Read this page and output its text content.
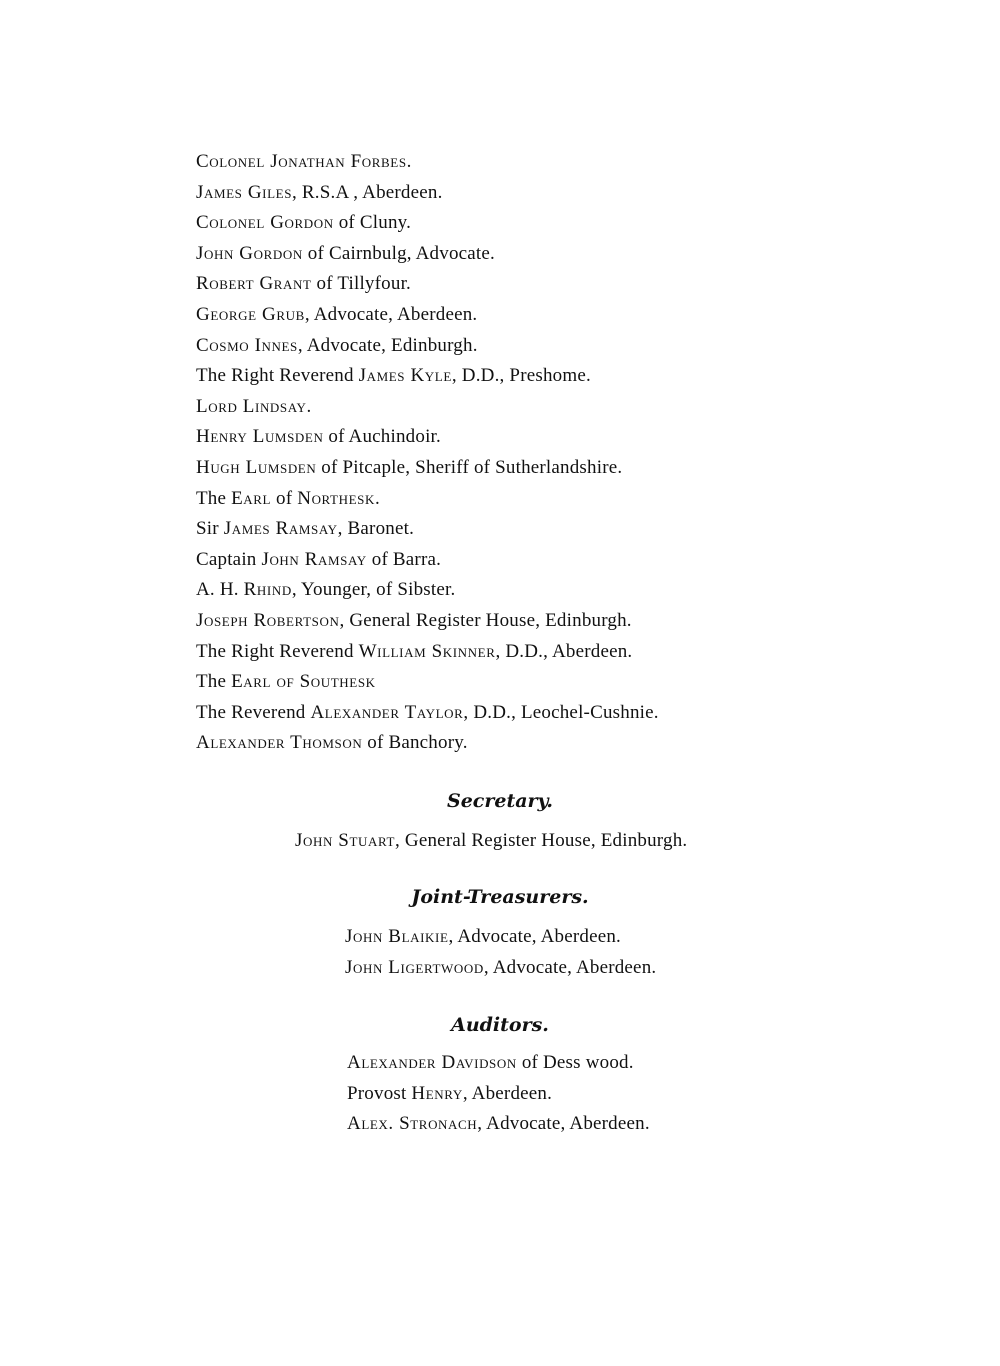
Colonel Jonathan Forbes.
James Giles, R.S.A , Aberdeen.
Colonel Gordon of Cluny.
John Gordon of Cairnbulg, Advocate.
Robert Grant of Tillyfour.
George Grub, Advocate, Aberdeen.
Cosmo Innes, Advocate, Edinburgh.
The Right Reverend James Kyle, D.D., Preshome.
Lord Lindsay.
Henry Lumsden of Auchindoir.
Hugh Lumsden of Pitcaple, Sheriff of Sutherlandshire.
The Earl of Northesk.
Sir James Ramsay, Baronet.
Captain John Ramsay of Barra.
A. H. Rhind, Younger, of Sibster.
Joseph Robertson, General Register House, Edinburgh.
The Right Reverend William Skinner, D.D., Aberdeen.
The Earl of Southesk
The Reverend Alexander Taylor, D.D., Leochel-Cushnie.
Alexander Thomson of Banchory.
Secretary.
John Stuart, General Register House, Edinburgh.
Joint-Treasurers.
John Blaikie, Advocate, Aberdeen.
John Ligertwood, Advocate, Aberdeen.
Auditors.
Alexander Davidson of Dess wood.
Provost Henry, Aberdeen.
Alex. Stronach, Advocate, Aberdeen.
